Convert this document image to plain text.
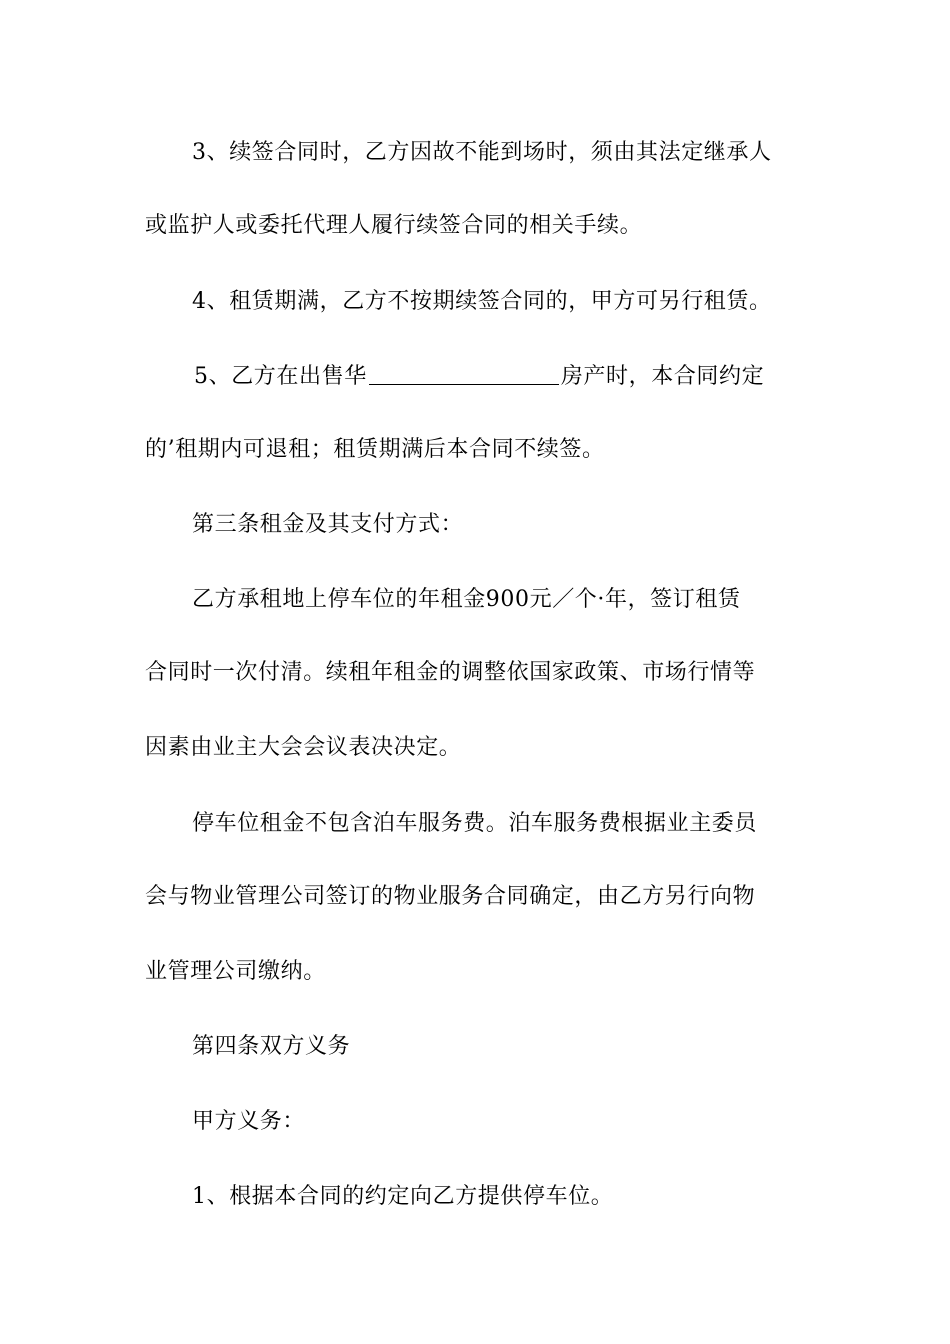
3、续签合同时，乙方因故不能到场时，须由其法定继承人
或监护人或委托代理人履行续签合同的相关手续。
4、租赁期满，乙方不按期续签合同的，甲方可另行租赁。
5、乙方在出售华	房产时，本合同约定
的’租期内可退租；租赁期满后本合同不续签。
第三条租金及其支付方式：
乙方承租地上停车位的年租金900元／个·年，签订租赁
合同时一次付清。续租年租金的调整依国家政策、市场行情等
因素由业主大会会议表决决定。
停车位租金不包含泊车服务费。泊车服务费根据业主委员
会与物业管理公司签订的物业服务合同确定，由乙方另行向物
业管理公司缴纳。
第四条双方义务
甲方义务：
1、根据本合同的约定向乙方提供停车位。
